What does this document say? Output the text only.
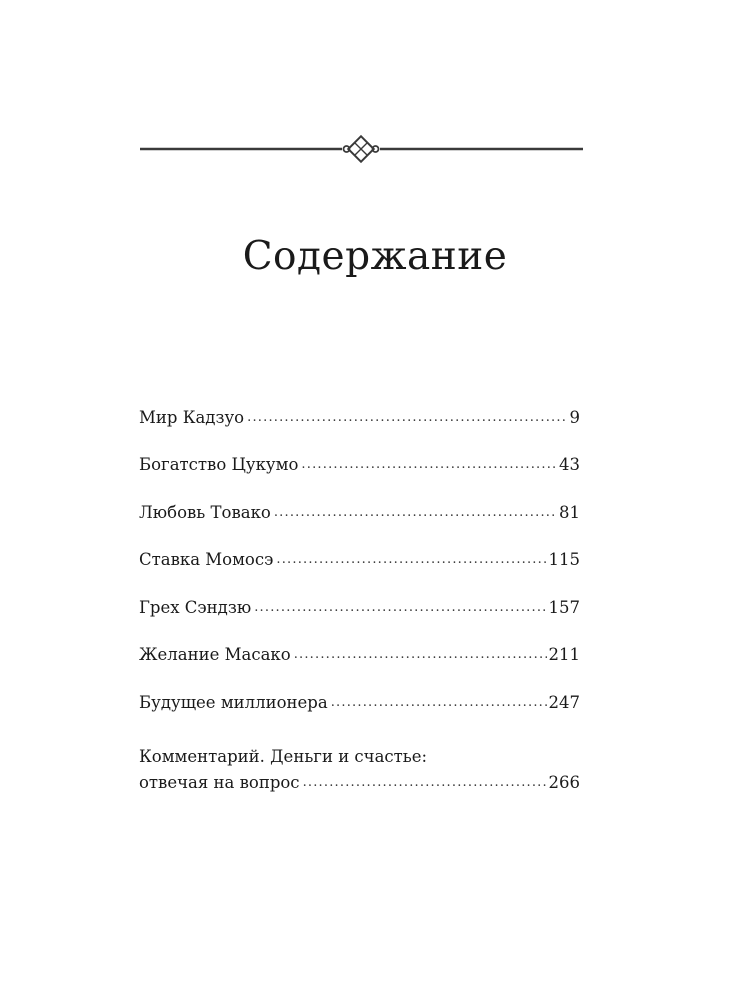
Содержание
Мир Кадзуо .....	9
Богатство Цукумо .....	43
Любовь Товако .....	81
Ставка Момосэ .....	115
Грех Сэндзю .....	157
Желание Масако .....	211
Будущее миллионера .....	247
Комментарий. Деньги и счастье:
отвечая на вопрос .....	266
